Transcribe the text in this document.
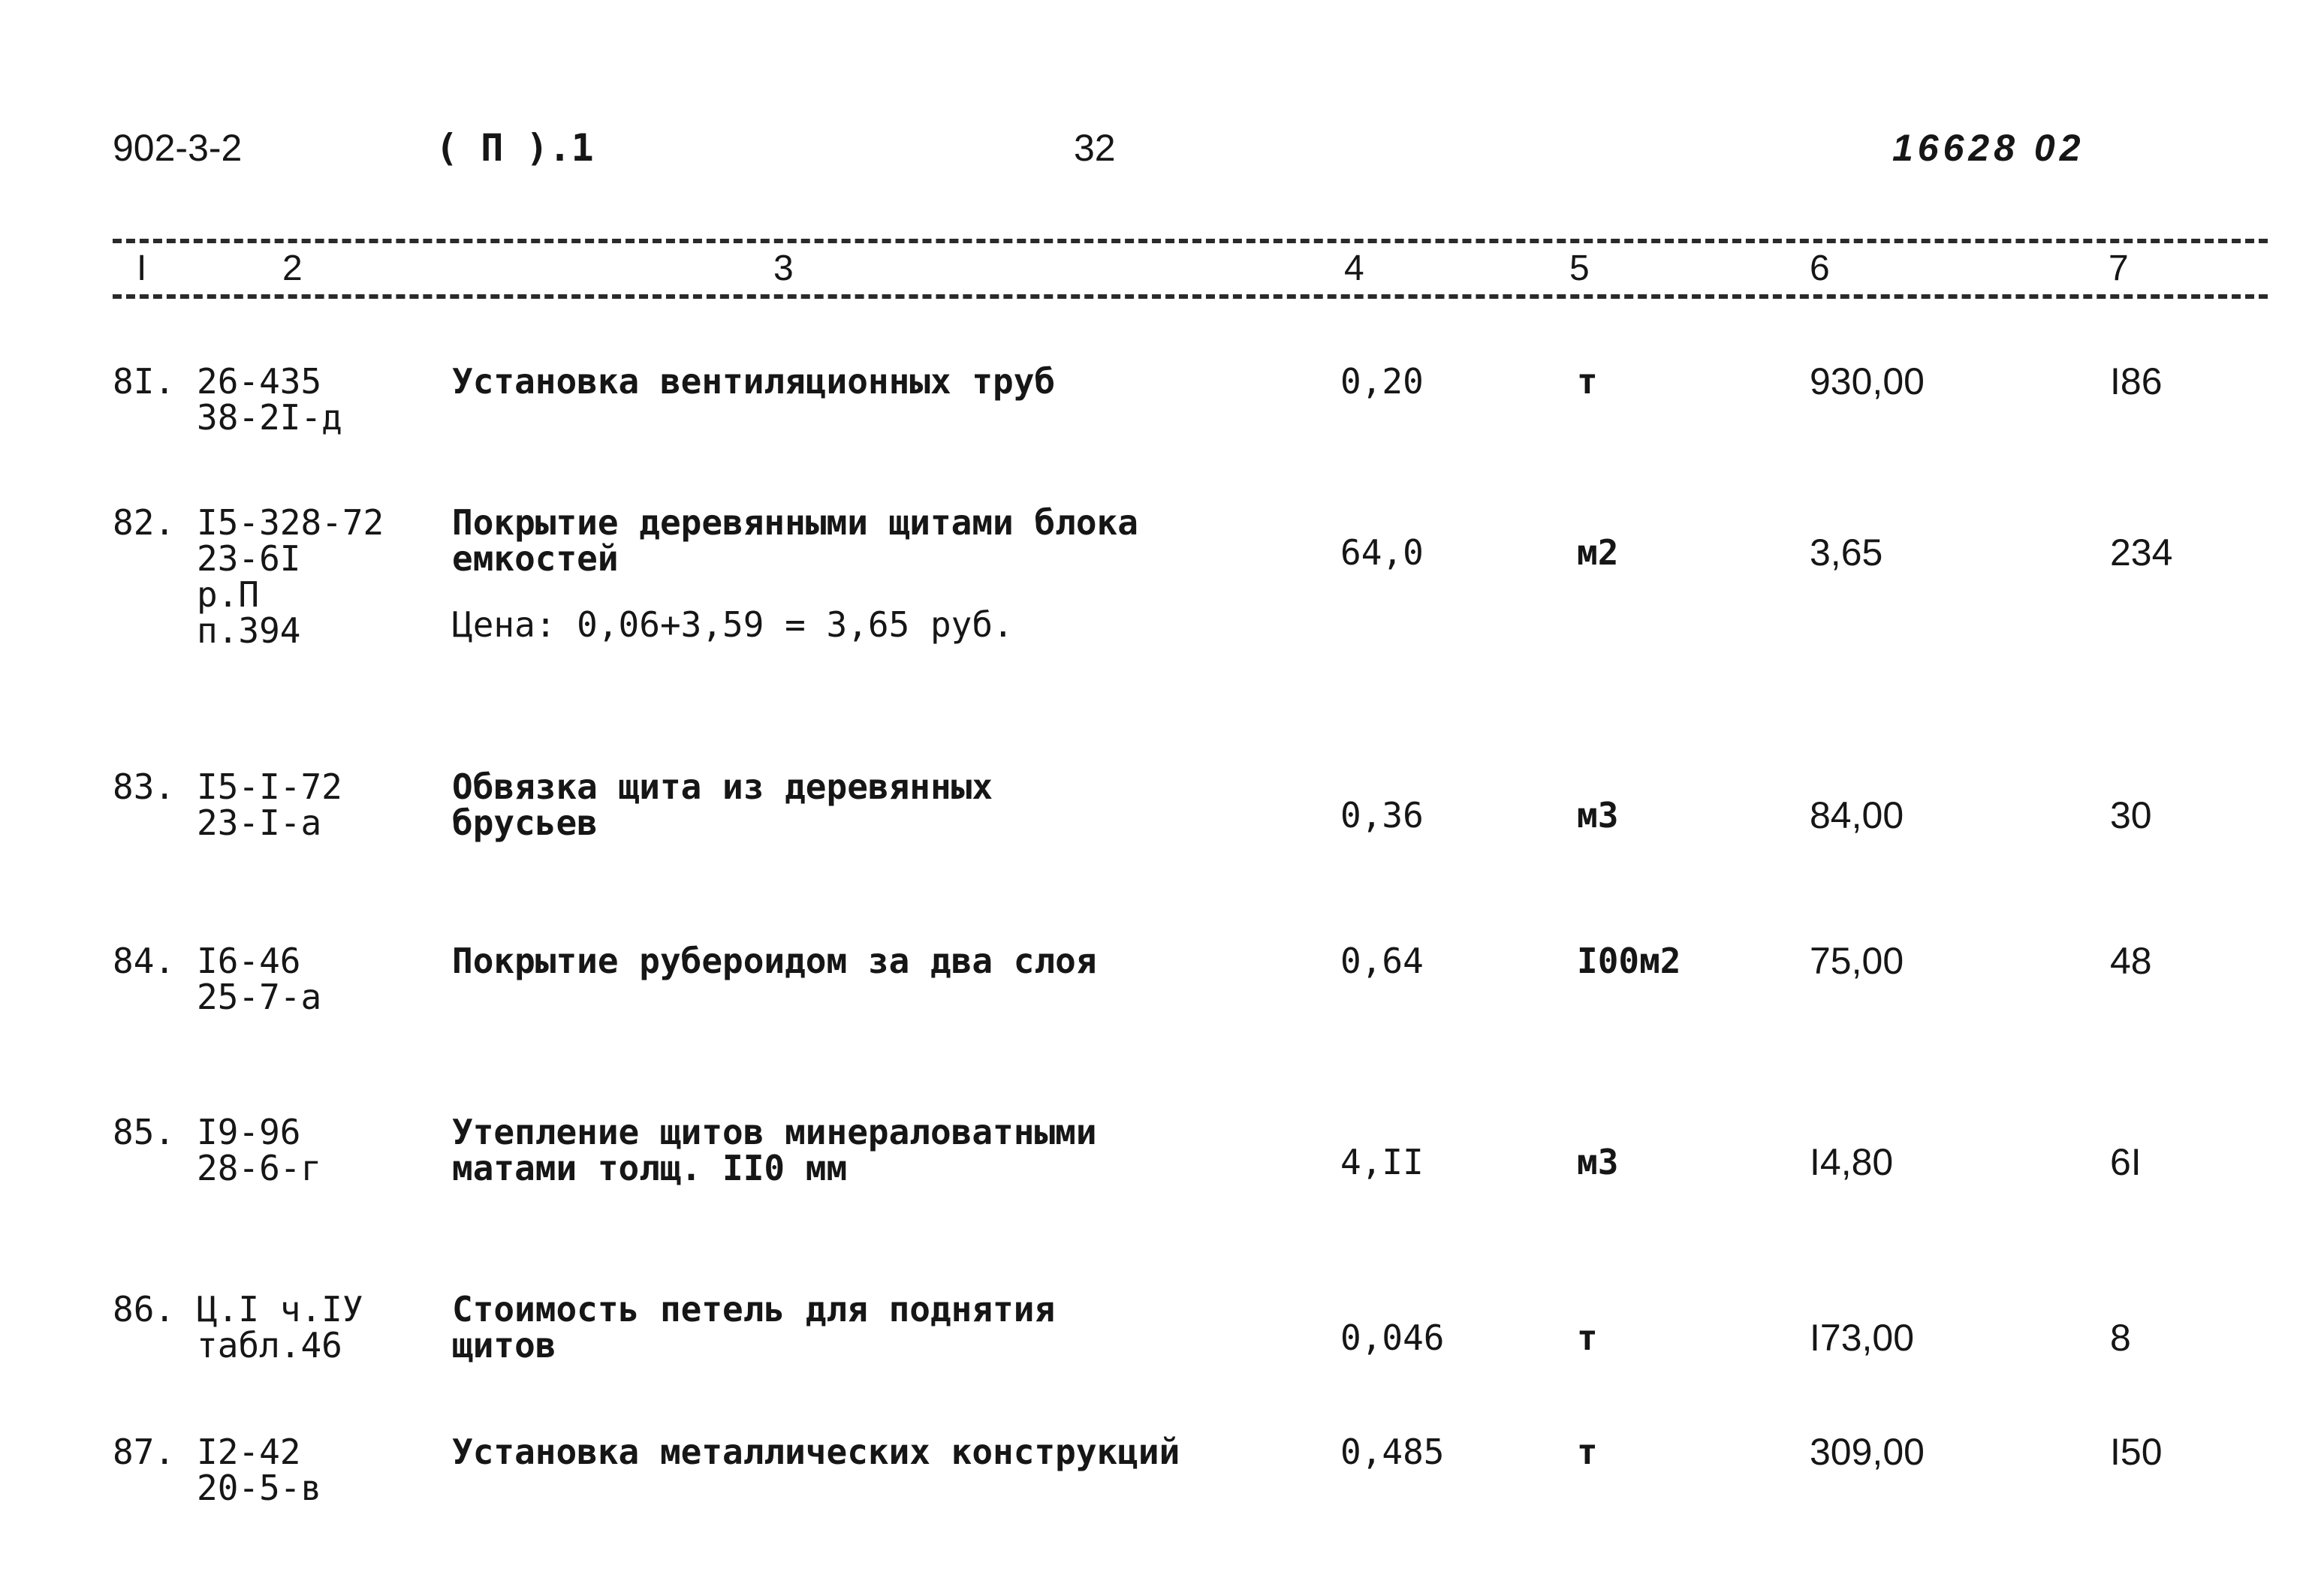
902-3-2	( П ).1	32	16628 02
I	2	3	4	5	6	7
8I. 26-435
38-2I-д
Установка вентиляционных труб	0,20	т	930,00	I86
82. I5-328-72
23-6I
р.П
п.394
Покрытие деревянными щитами блока
емкостей
Цена: 0,06+3,59 = 3,65 руб.
64,0	м2	3,65	234
83. I5-I-72
23-I-а
Обвязка щита из деревянных
брусьев	0,36	м3	84,00	30
84. I6-46
25-7-а
Покрытие рубероидом за два слоя	0,64	I00м2	75,00	48
85. I9-96
28-6-г
Утепление щитов минераловатными
матами толщ. II0 мм	4,II	м3	I4,80	6I
86. Ц.I ч.IУ
табл.46
Стоимость петель для поднятия
щитов	0,046	т	I73,00	8
87. I2-42
20-5-в
Установка металлических конструкций	0,485	т	309,00	I50
